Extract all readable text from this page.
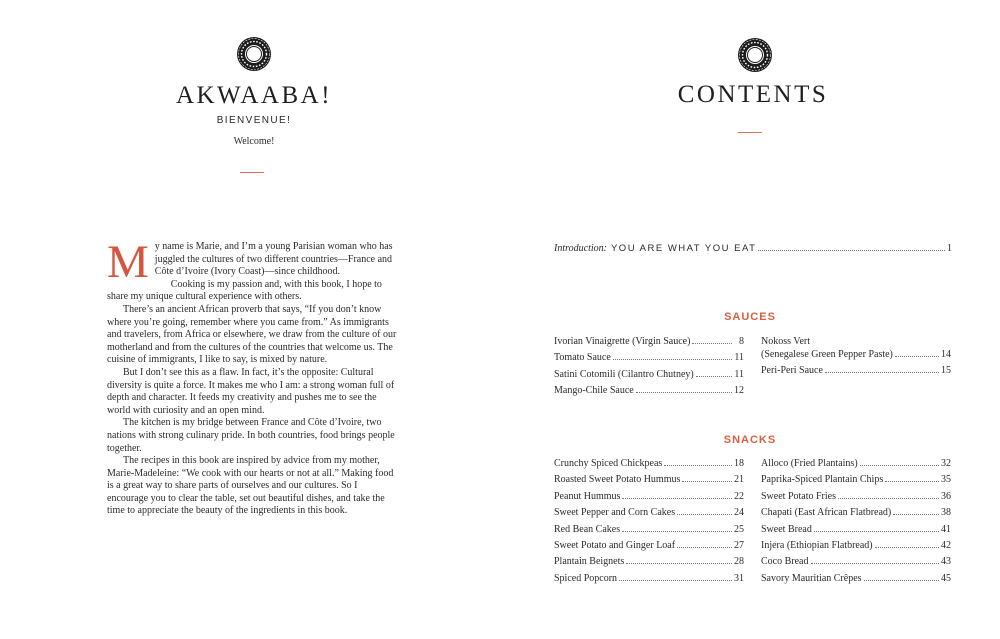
AKWAABA!
BIENVENUE!
Welcome!

My name is Marie, and I’m a young Parisian woman who has juggled the cultures of two different countries—France and Côte d’Ivoire (Ivory Coast)—since childhood.

Cooking is my passion and, with this book, I hope to share my unique cultural experience with others.

There’s an ancient African proverb that says, “If you don’t know where you’re going, remember where you came from.” As immigrants and travelers, from Africa or elsewhere, we draw from the culture of our motherland and from the cultures of the countries that welcome us. The cuisine of immigrants, I like to say, is mixed by nature.

But I don’t see this as a flaw. In fact, it’s the opposite: Cultural diversity is quite a force. It makes me who I am: a strong woman full of depth and character. It feeds my creativity and pushes me to see the world with curiosity and an open mind.

The kitchen is my bridge between France and Côte d’Ivoire, two nations with strong culinary pride. In both countries, food brings people together.

The recipes in this book are inspired by advice from my mother, Marie-Madeleine: “We cook with our hearts or not at all.” Making food is a great way to share parts of ourselves and our cultures. So I encourage you to clear the table, set out beautiful dishes, and take the time to appreciate the beauty of the ingredients in this book.

CONTENTS
Introduction: YOU ARE WHAT YOU EAT	1
SAUCES
Ivorian Vinaigrette (Virgin Sauce)	8
Tomato Sauce	11
Satini Cotomili (Cilantro Chutney)	11
Mango-Chile Sauce	12
Nokoss Vert
(Senegalese Green Pepper Paste)	14
Peri-Peri Sauce	15
SNACKS
Crunchy Spiced Chickpeas	18
Roasted Sweet Potato Hummus	21
Peanut Hummus	22
Sweet Pepper and Corn Cakes	24
Red Bean Cakes	25
Sweet Potato and Ginger Loaf	27
Plantain Beignets	28
Spiced Popcorn	31
Alloco (Fried Plantains)	32
Paprika-Spiced Plantain Chips	35
Sweet Potato Fries	36
Chapati (East African Flatbread)	38
Sweet Bread	41
Injera (Ethiopian Flatbread)	42
Coco Bread	43
Savory Mauritian Crêpes	45
